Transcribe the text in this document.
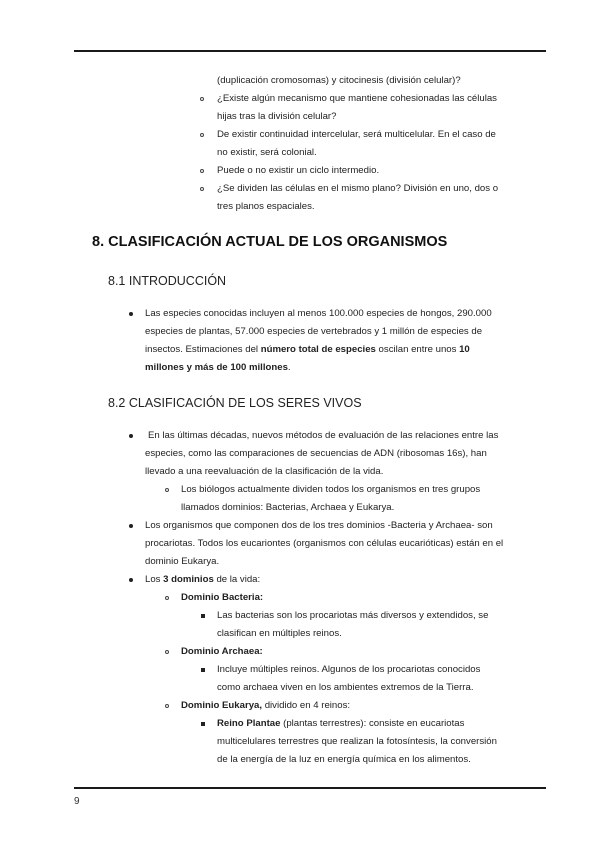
(duplicación cromosomas) y citocinesis (división celular)?
¿Existe algún mecanismo que mantiene cohesionadas las células
hijas tras la división celular?
De existir continuidad intercelular, será multicelular. En el caso de
no existir, será colonial.
Puede o no existir un ciclo intermedio.
¿Se dividen las células en el mismo plano? División en uno, dos o
tres planos espaciales.
8. CLASIFICACIÓN ACTUAL DE LOS ORGANISMOS
8.1 INTRODUCCIÓN
Las especies conocidas incluyen al menos 100.000 especies de hongos, 290.000
especies de plantas, 57.000 especies de vertebrados y 1 millón de especies de
insectos. Estimaciones del número total de especies oscilan entre unos 10
millones y más de 100 millones.
8.2 CLASIFICACIÓN DE LOS SERES VIVOS
En las últimas décadas, nuevos métodos de evaluación de las relaciones entre las
especies, como las comparaciones de secuencias de ADN (ribosomas 16s), han
llevado a una reevaluación de la clasificación de la vida.
Los biólogos actualmente dividen todos los organismos en tres grupos
llamados dominios: Bacterias, Archaea y Eukarya.
Los organismos que componen dos de los tres dominios -Bacteria y Archaea- son
procariotas. Todos los eucariontes (organismos con células eucarióticas) están en el
dominio Eukarya.
Los 3 dominios de la vida:
Dominio Bacteria:
Las bacterias son los procariotas más diversos y extendidos, se
clasifican en múltiples reinos.
Dominio Archaea:
Incluye múltiples reinos. Algunos de los procariotas conocidos
como archaea viven en los ambientes extremos de la Tierra.
Dominio Eukarya, dividido en 4 reinos:
Reino Plantae (plantas terrestres): consiste en eucariotas
multicelulares terrestres que realizan la fotosíntesis, la conversión
de la energía de la luz en energía química en los alimentos.
9
